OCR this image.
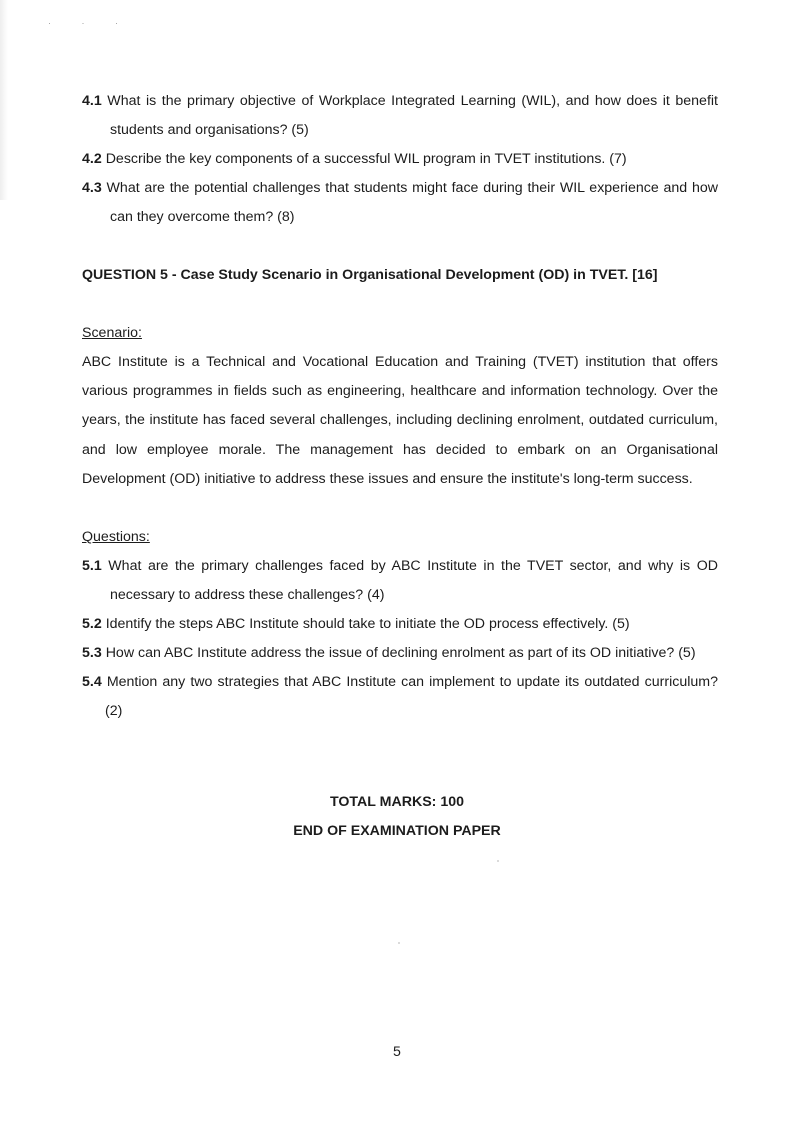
· · ·
4.1 What is the primary objective of Workplace Integrated Learning (WIL), and how does it benefit students and organisations? (5)
4.2 Describe the key components of a successful WIL program in TVET institutions. (7)
4.3 What are the potential challenges that students might face during their WIL experience and how can they overcome them? (8)
QUESTION 5 - Case Study Scenario in Organisational Development (OD) in TVET. [16]
Scenario:
ABC Institute is a Technical and Vocational Education and Training (TVET) institution that offers various programmes in fields such as engineering, healthcare and information technology. Over the years, the institute has faced several challenges, including declining enrolment, outdated curriculum, and low employee morale. The management has decided to embark on an Organisational Development (OD) initiative to address these issues and ensure the institute's long-term success.
Questions:
5.1 What are the primary challenges faced by ABC Institute in the TVET sector, and why is OD necessary to address these challenges? (4)
5.2 Identify the steps ABC Institute should take to initiate the OD process effectively. (5)
5.3 How can ABC Institute address the issue of declining enrolment as part of its OD initiative? (5)
5.4 Mention any two strategies that ABC Institute can implement to update its outdated curriculum? (2)
TOTAL MARKS: 100
END OF EXAMINATION PAPER
5
